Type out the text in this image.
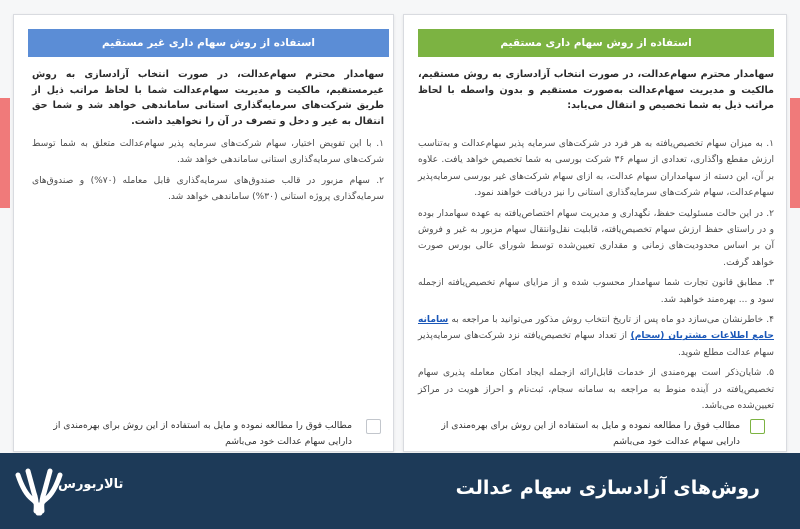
استفاده از روش سهام داری غیر مستقیم

سهامدار محترم سهام‌عدالت، در صورت انتخاب آزادسازی به روش غیرمستقیم، مالکیت و مدیریت سهام‌عدالت شما با لحاظ مراتب ذیل از طریق شرکت‌های سرمایه‌گذاری استانی ساماندهی خواهد شد و شما حق انتقال به غیر و دخل و تصرف در آن را نخواهید داشت.

۱. با این تفویض اختیار، سهام شرکت‌های سرمایه پذیر سهام‌عدالت متعلق به شما توسط شرکت‌های سرمایه‌گذاری استانی ساماندهی خواهد شد.
۲. سهام مزبور در قالب صندوق‌های سرمایه‌گذاری قابل معامله (۷۰%) و صندوق‌های سرمایه‌گذاری پروژه استانی (۳۰%) ساماندهی خواهد شد.

مطالب فوق را مطالعه نموده و مایل به استفاده از این روش برای بهره‌مندی از دارایی سهام عدالت خود می‌باشم

استفاده از روش سهام داری مستقیم

سهامدار محترم سهام‌عدالت، در صورت انتخاب آزادسازی به روش مستقیم، مالکیت و مدیریت سهام‌عدالت به‌صورت مستقیم و بدون واسطه با لحاظ مراتب ذیل به شما تخصیص و انتقال می‌یابد:

۱. به میزان سهام تخصیص‌یافته به هر فرد در شرکت‌های سرمایه پذیر سهام‌عدالت و به‌تناسب ارزش مقطع واگذاری، تعدادی از سهام ۳۶ شرکت بورسی به شما تخصیص خواهد یافت. علاوه بر آن، این دسته از سهامداران سهام عدالت، به ازای سهام شرکت‌های غیر بورسی سرمایه‌پذیر سهام‌عدالت، سهام شرکت‌های سرمایه‌گذاری استانی را نیز دریافت خواهند نمود.
۲. در این حالت مسئولیت حفظ، نگهداری و مدیریت سهام اختصاص‌یافته به عهده سهامدار بوده و در راستای حفظ ارزش سهام تخصیص‌یافته، قابلیت نقل‌وانتقال سهام مزبور به غیر و فروش آن بر اساس محدودیت‌های زمانی و مقداری تعیین‌شده توسط شورای عالی بورس صورت خواهد گرفت.
۳. مطابق قانون تجارت شما سهامدار محسوب شده و از مزایای سهام تخصیص‌یافته ازجمله سود و ... بهره‌مند خواهید شد.
۴. خاطرنشان می‌سازد دو ماه پس از تاریخ انتخاب روش مذکور می‌توانید با مراجعه به سامانه جامع اطلاعات مشتریان (سجام) از تعداد سهام تخصیص‌یافته نزد شرکت‌های سرمایه‌پذیر سهام عدالت مطلع شوید.
۵. شایان‌ذکر است بهره‌مندی از خدمات قابل‌ارائه ازجمله ایجاد امکان معامله پذیری سهام تخصیص‌یافته در آینده منوط به مراجعه به سامانه سجام، ثبت‌نام و احراز هویت در مراکز تعیین‌شده می‌باشد.

مطالب فوق را مطالعه نموده و مایل به استفاده از این روش برای بهره‌مندی از دارایی سهام عدالت خود می‌باشم

تالاربورس	روش‌های آزادسازی سهام عدالت
